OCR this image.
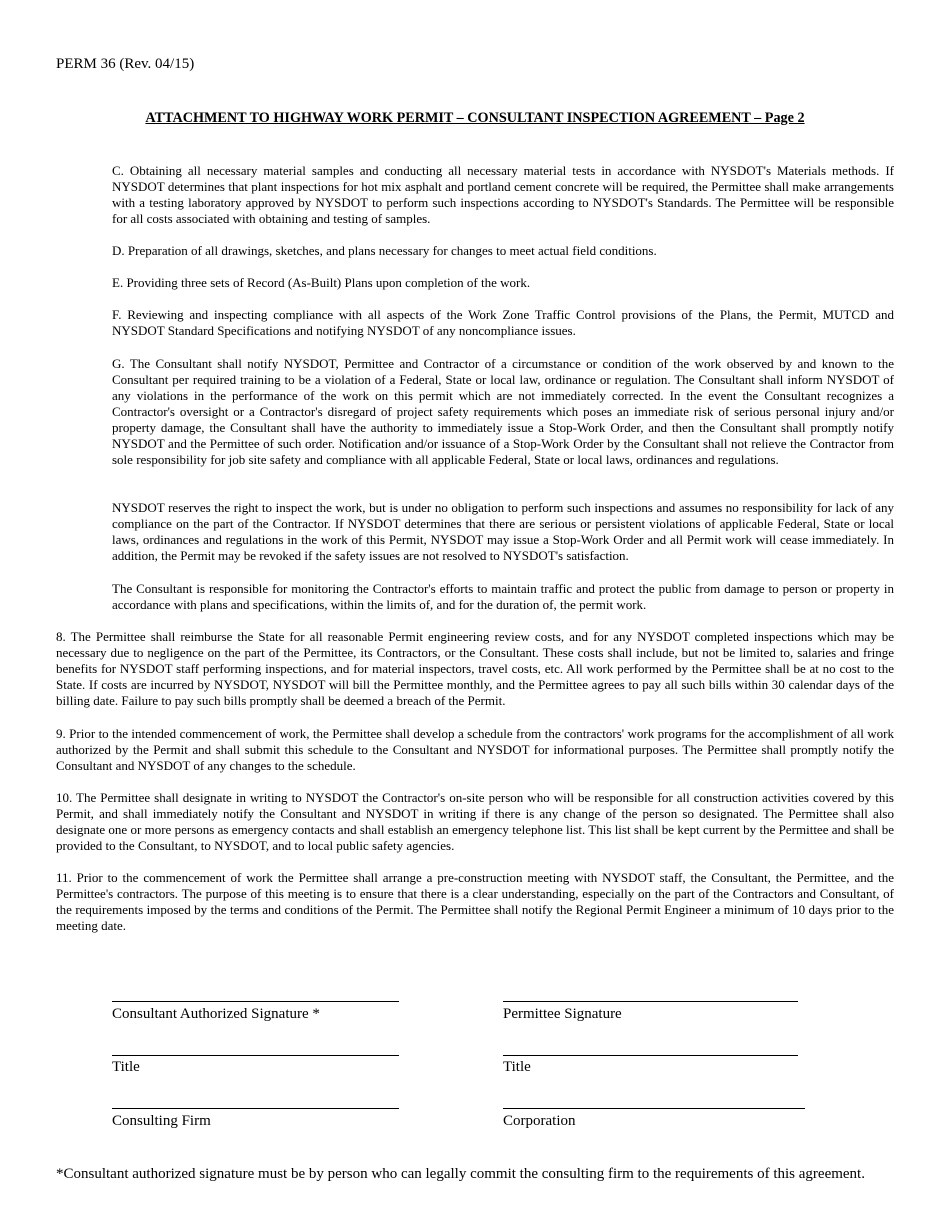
PERM 36 (Rev. 04/15)
ATTACHMENT TO HIGHWAY WORK PERMIT – CONSULTANT INSPECTION AGREEMENT – Page 2

C. Obtaining all necessary material samples and conducting all necessary material tests in accordance with NYSDOT's Materials methods. If NYSDOT determines that plant inspections for hot mix asphalt and portland cement concrete will be required, the Permittee shall make arrangements with a testing laboratory approved by NYSDOT to perform such inspections according to NYSDOT's Standards. The Permittee will be responsible for all costs associated with obtaining and testing of samples.

D. Preparation of all drawings, sketches, and plans necessary for changes to meet actual field conditions.

E. Providing three sets of Record (As-Built) Plans upon completion of the work.

F. Reviewing and inspecting compliance with all aspects of the Work Zone Traffic Control provisions of the Plans, the Permit, MUTCD and NYSDOT Standard Specifications and notifying NYSDOT of any noncompliance issues.

G. The Consultant shall notify NYSDOT, Permittee and Contractor of a circumstance or condition of the work observed by and known to the Consultant per required training to be a violation of a Federal, State or local law, ordinance or regulation. The Consultant shall inform NYSDOT of any violations in the performance of the work on this permit which are not immediately corrected. In the event the Consultant recognizes a Contractor's oversight or a Contractor's disregard of project safety requirements which poses an immediate risk of serious personal injury and/or property damage, the Consultant shall have the authority to immediately issue a Stop-Work Order, and then the Consultant shall promptly notify NYSDOT and the Permittee of such order. Notification and/or issuance of a Stop-Work Order by the Consultant shall not relieve the Contractor from sole responsibility for job site safety and compliance with all applicable Federal, State or local laws, ordinances and regulations.

NYSDOT reserves the right to inspect the work, but is under no obligation to perform such inspections and assumes no responsibility for lack of any compliance on the part of the Contractor. If NYSDOT determines that there are serious or persistent violations of applicable Federal, State or local laws, ordinances and regulations in the work of this Permit, NYSDOT may issue a Stop-Work Order and all Permit work will cease immediately. In addition, the Permit may be revoked if the safety issues are not resolved to NYSDOT's satisfaction.

The Consultant is responsible for monitoring the Contractor's efforts to maintain traffic and protect the public from damage to person or property in accordance with plans and specifications, within the limits of, and for the duration of, the permit work.

8. The Permittee shall reimburse the State for all reasonable Permit engineering review costs, and for any NYSDOT completed inspections which may be necessary due to negligence on the part of the Permittee, its Contractors, or the Consultant. These costs shall include, but not be limited to, salaries and fringe benefits for NYSDOT staff performing inspections, and for material inspectors, travel costs, etc. All work performed by the Permittee shall be at no cost to the State. If costs are incurred by NYSDOT, NYSDOT will bill the Permittee monthly, and the Permittee agrees to pay all such bills within 30 calendar days of the billing date. Failure to pay such bills promptly shall be deemed a breach of the Permit.

9. Prior to the intended commencement of work, the Permittee shall develop a schedule from the contractors' work programs for the accomplishment of all work authorized by the Permit and shall submit this schedule to the Consultant and NYSDOT for informational purposes. The Permittee shall promptly notify the Consultant and NYSDOT of any changes to the schedule.

10. The Permittee shall designate in writing to NYSDOT the Contractor's on-site person who will be responsible for all construction activities covered by this Permit, and shall immediately notify the Consultant and NYSDOT in writing if there is any change of the person so designated. The Permittee shall also designate one or more persons as emergency contacts and shall establish an emergency telephone list. This list shall be kept current by the Permittee and shall be provided to the Consultant, to NYSDOT, and to local public safety agencies.

11. Prior to the commencement of work the Permittee shall arrange a pre-construction meeting with NYSDOT staff, the Consultant, the Permittee, and the Permittee's contractors. The purpose of this meeting is to ensure that there is a clear understanding, especially on the part of the Contractors and Consultant, of the requirements imposed by the terms and conditions of the Permit. The Permittee shall notify the Regional Permit Engineer a minimum of 10 days prior to the meeting date.

Consultant Authorized Signature *	Permittee Signature
Title	Title
Consulting Firm	Corporation
*Consultant authorized signature must be by person who can legally commit the consulting firm to the requirements of this agreement.
